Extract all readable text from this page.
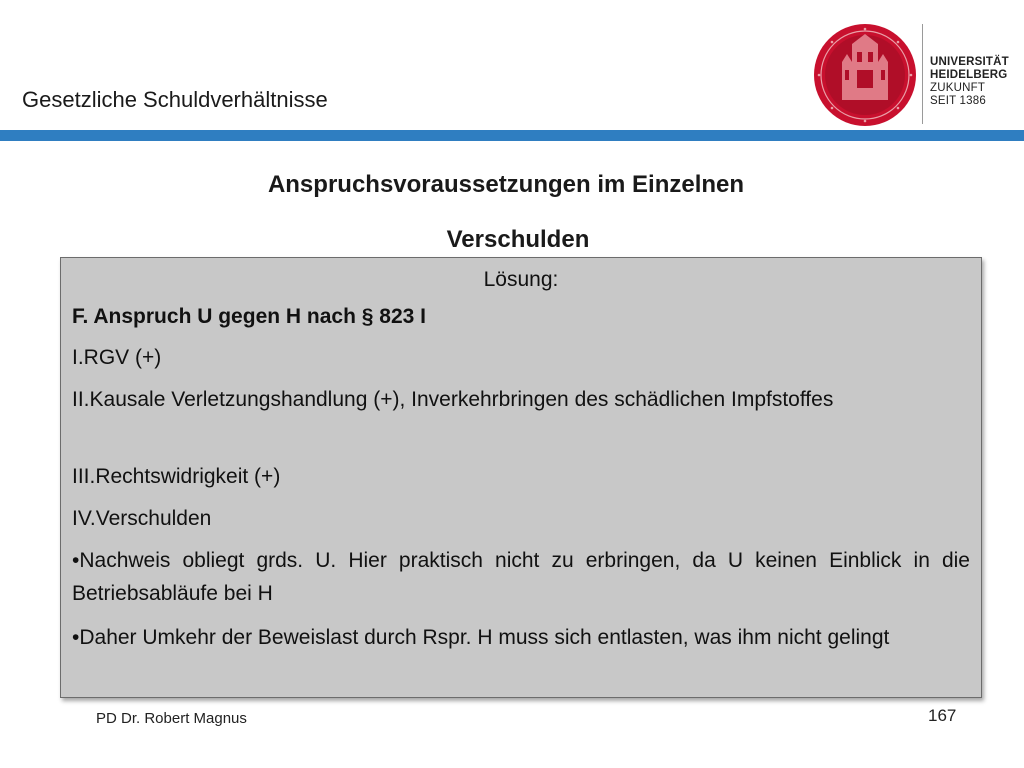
Gesetzliche Schuldverhältnisse
UNIVERSITÄT
HEIDELBERG
ZUKUNFT
SEIT 1386
Anspruchsvoraussetzungen im Einzelnen
Verschulden
Lösung:
F. Anspruch U gegen H nach § 823 I
I.RGV (+)
II.Kausale Verletzungshandlung (+), Inverkehrbringen des schädlichen Impfstoffes
III.Rechtswidrigkeit (+)
IV.Verschulden
•Nachweis obliegt grds. U. Hier praktisch nicht zu erbringen, da U keinen Einblick in die Betriebsabläufe bei H
•Daher Umkehr der Beweislast durch Rspr. H muss sich entlasten, was ihm nicht gelingt
PD Dr. Robert Magnus	167
